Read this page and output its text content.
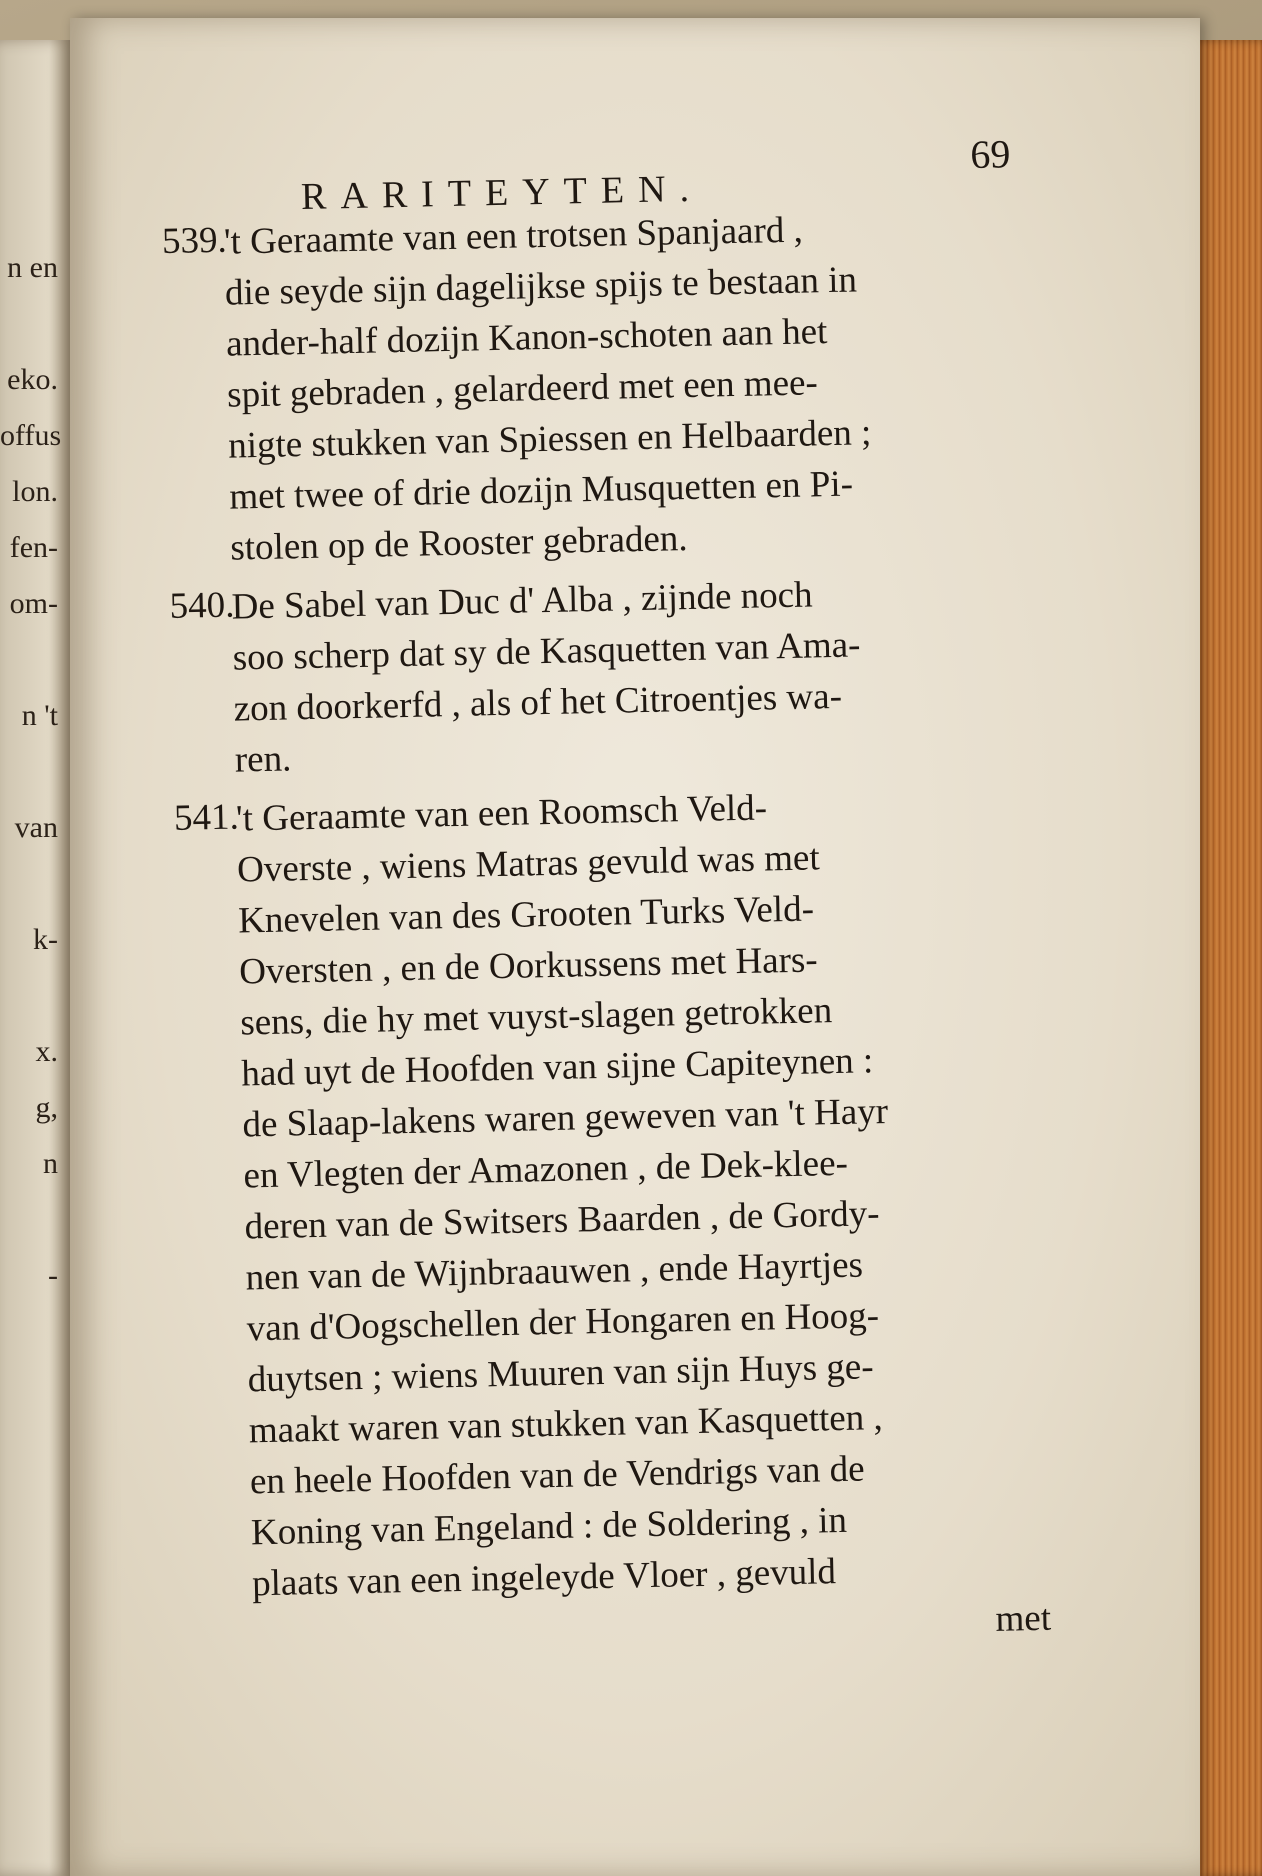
n en
eko.
offus
lon.
fen-
om-
n 't
van
k-
x.
g,
n
-
RARITEYTEN.
69
539.
't Geraamte van een trotsen Spanjaard ,
die seyde sijn dagelijkse spijs te bestaan in
ander-half dozijn Kanon-schoten aan het
spit gebraden , gelardeerd met een mee-
nigte stukken van Spiessen en Helbaarden ;
met twee of drie dozijn Musquetten en Pi-
stolen op de Rooster gebraden.
540.
De Sabel van Duc d' Alba , zijnde noch
soo scherp dat sy de Kasquetten van Ama-
zon doorkerfd , als of het Citroentjes wa-
ren.
541.
't Geraamte van een Roomsch Veld-
Overste , wiens Matras gevuld was met
Knevelen van des Grooten Turks Veld-
Oversten , en de Oorkussens met Hars-
sens, die hy met vuyst-slagen getrokken
had uyt de Hoofden van sijne Capiteynen :
de Slaap-lakens waren geweven van 't Hayr
en Vlegten der Amazonen , de Dek-klee-
deren van de Switsers Baarden , de Gordy-
nen van de Wijnbraauwen , ende Hayrtjes
van d'Oogschellen der Hongaren en Hoog-
duytsen ; wiens Muuren van sijn Huys ge-
maakt waren van stukken van Kasquetten ,
en heele Hoofden van de Vendrigs van de
Koning van Engeland : de Soldering , in
plaats van een ingeleyde Vloer , gevuld
met
